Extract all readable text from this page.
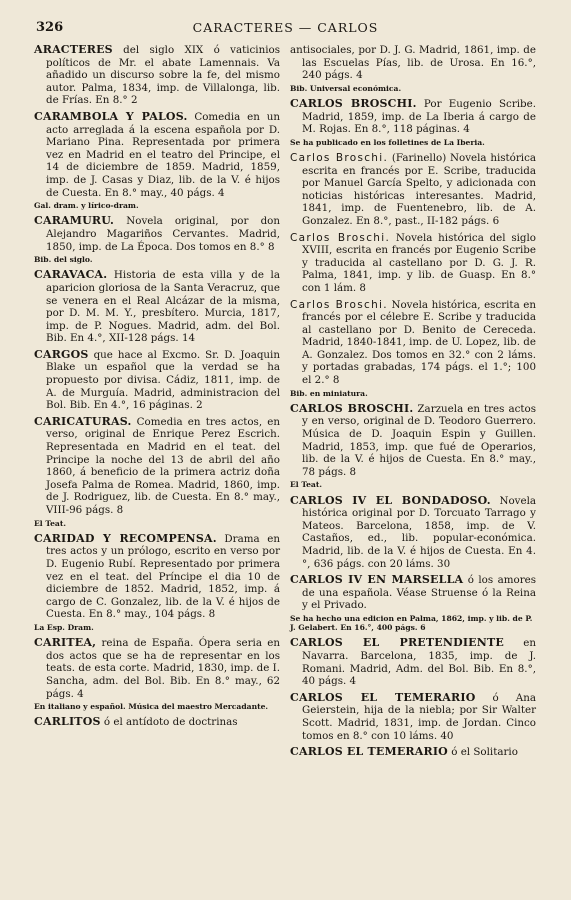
326	CARACTERES — CARLOS
ARACTERES del siglo XIX ó vaticinios políticos de Mr. el abate Lamennais. Va añadido un discurso sobre la fe, del mismo autor. Palma, 1834, imp. de Villalonga, lib. de Frías. En 8.° 2
CARAMBOLA Y PALOS. Comedia en un acto arreglada á la escena española por D. Mariano Pina. Representada por primera vez en Madrid en el teatro del Principe, el 14 de diciembre de 1859. Madrid, 1859, imp. de J. Casas y Diaz, lib. de la V. é hijos de Cuesta. En 8.° may., 40 págs. 4
Gal. dram. y lírico-dram.
CARAMURU. Novela original, por don Alejandro Magariños Cervantes. Madrid, 1850, imp. de La Época. Dos tomos en 8.° 8
Bib. del siglo.
CARAVACA. Historia de esta villa y de la aparicion gloriosa de la Santa Veracruz, que se venera en el Real Alcázar de la misma, por D. M. M. Y., presbítero. Murcia, 1817, imp. de P. Nogues. Madrid, adm. del Bol. Bib. En 4.°, XII-128 págs. 14
CARGOS que hace al Excmo. Sr. D. Joaquin Blake un español que la verdad se ha propuesto por divisa. Cádiz, 1811, imp. de A. de Murguía. Madrid, administracion del Bol. Bib. En 4.°, 16 páginas. 2
CARICATURAS. Comedia en tres actos, en verso, original de Enrique Perez Escrich. Representada en Madrid en el teat. del Principe la noche del 13 de abril del año 1860, á beneficio de la primera actriz doña Josefa Palma de Romea. Madrid, 1860, imp. de J. Rodriguez, lib. de Cuesta. En 8.° may., VIII-96 págs. 8
El Teat.
CARIDAD Y RECOMPENSA. Drama en tres actos y un prólogo, escrito en verso por D. Eugenio Rubí. Representado por primera vez en el teat. del Príncipe el dia 10 de diciembre de 1852. Madrid, 1852, imp. á cargo de C. Gonzalez, lib. de la V. é hijos de Cuesta. En 8.° may., 104 págs. 8
La Esp. Dram.
CARITEA, reina de España. Ópera seria en dos actos que se ha de representar en los teats. de esta corte. Madrid, 1830, imp. de I. Sancha, adm. del Bol. Bib. En 8.° may., 62 págs. 4
En italiano y español. Música del maestro Mercadante.
CARLITOS ó el antídoto de doctrinas
antisociales, por D. J. G. Madrid, 1861, imp. de las Escuelas Pías, lib. de Urosa. En 16.°, 240 págs. 4
Bib. Universal económica.
CARLOS BROSCHI. Por Eugenio Scribe. Madrid, 1859, imp. de La Iberia á cargo de M. Rojas. En 8.°, 118 páginas. 4
Se ha publicado en los folletines de La Iberia.
Carlos Broschi. (Farinello) Novela histórica escrita en francés por E. Scribe, traducida por Manuel García Spelto, y adicionada con noticias históricas interesantes. Madrid, 1841, imp. de Fuentenebro, lib. de A. Gonzalez. En 8.°, past., II-182 págs. 6
Carlos Broschi. Novela histórica del siglo XVIII, escrita en francés por Eugenio Scribe y traducida al castellano por D. G. J. R. Palma, 1841, imp. y lib. de Guasp. En 8.° con 1 lám. 8
Carlos Broschi. Novela histórica, escrita en francés por el célebre E. Scribe y traducida al castellano por D. Benito de Cereceda. Madrid, 1840-1841, imp. de U. Lopez, lib. de A. Gonzalez. Dos tomos en 32.° con 2 láms. y portadas grabadas, 174 págs. el 1.°; 100 el 2.° 8
Bib. en miniatura.
CARLOS BROSCHI. Zarzuela en tres actos y en verso, original de D. Teodoro Guerrero. Música de D. Joaquin Espin y Guillen. Madrid, 1853, imp. que fué de Operarios, lib. de la V. é hijos de Cuesta. En 8.° may., 78 págs. 8
El Teat.
CARLOS IV EL BONDADOSO. Novela histórica original por D. Torcuato Tarrago y Mateos. Barcelona, 1858, imp. de V. Castaños, ed., lib. popular-económica. Madrid, lib. de la V. é hijos de Cuesta. En 4.°, 636 págs. con 20 láms. 30
CARLOS IV EN MARSELLA ó los amores de una española. Véase Struense ó la Reina y el Privado.
Se ha hecho una edicion en Palma, 1862, imp. y lib. de P. J. Gelabert. En 16.°, 400 págs. 6
CARLOS EL PRETENDIENTE en Navarra. Barcelona, 1835, imp. de J. Romani. Madrid, Adm. del Bol. Bib. En 8.°, 40 págs. 4
CARLOS EL TEMERARIO ó Ana Geierstein, hija de la niebla; por Sir Walter Scott. Madrid, 1831, imp. de Jordan. Cinco tomos en 8.° con 10 láms. 40
CARLOS EL TEMERARIO ó el Solitario
